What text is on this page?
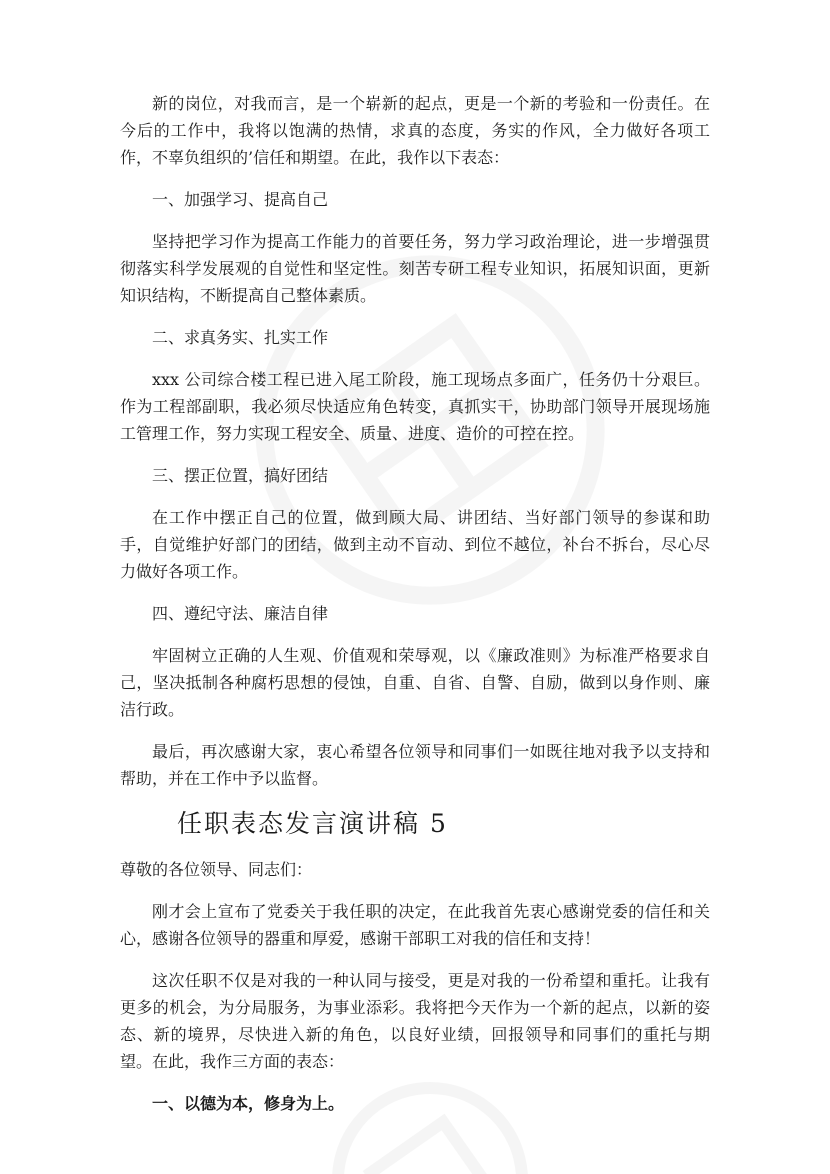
新的岗位，对我而言，是一个崭新的起点，更是一个新的考验和一份责任。在今后的工作中，我将以饱满的热情，求真的态度，务实的作风，全力做好各项工作，不辜负组织的’信任和期望。在此，我作以下表态：

一、加强学习、提高自己

坚持把学习作为提高工作能力的首要任务，努力学习政治理论，进一步增强贯彻落实科学发展观的自觉性和坚定性。刻苦专研工程专业知识，拓展知识面，更新知识结构，不断提高自己整体素质。

二、求真务实、扎实工作

xxx 公司综合楼工程已进入尾工阶段，施工现场点多面广，任务仍十分艰巨。作为工程部副职，我必须尽快适应角色转变，真抓实干，协助部门领导开展现场施工管理工作，努力实现工程安全、质量、进度、造价的可控在控。

三、摆正位置，搞好团结

在工作中摆正自己的位置，做到顾大局、讲团结、当好部门领导的参谋和助手，自觉维护好部门的团结，做到主动不盲动、到位不越位，补台不拆台，尽心尽力做好各项工作。

四、遵纪守法、廉洁自律

牢固树立正确的人生观、价值观和荣辱观，以《廉政准则》为标准严格要求自己，坚决抵制各种腐朽思想的侵蚀，自重、自省、自警、自励，做到以身作则、廉洁行政。

最后，再次感谢大家，衷心希望各位领导和同事们一如既往地对我予以支持和帮助，并在工作中予以监督。

任职表态发言演讲稿 5

尊敬的各位领导、同志们：

刚才会上宣布了党委关于我任职的决定，在此我首先衷心感谢党委的信任和关心，感谢各位领导的器重和厚爱，感谢干部职工对我的信任和支持！

这次任职不仅是对我的一种认同与接受，更是对我的一份希望和重托。让我有更多的机会，为分局服务，为事业添彩。我将把今天作为一个新的起点，以新的姿态、新的境界，尽快进入新的角色，以良好业绩，回报领导和同事们的重托与期望。在此，我作三方面的表态：

一、以德为本，修身为上。
